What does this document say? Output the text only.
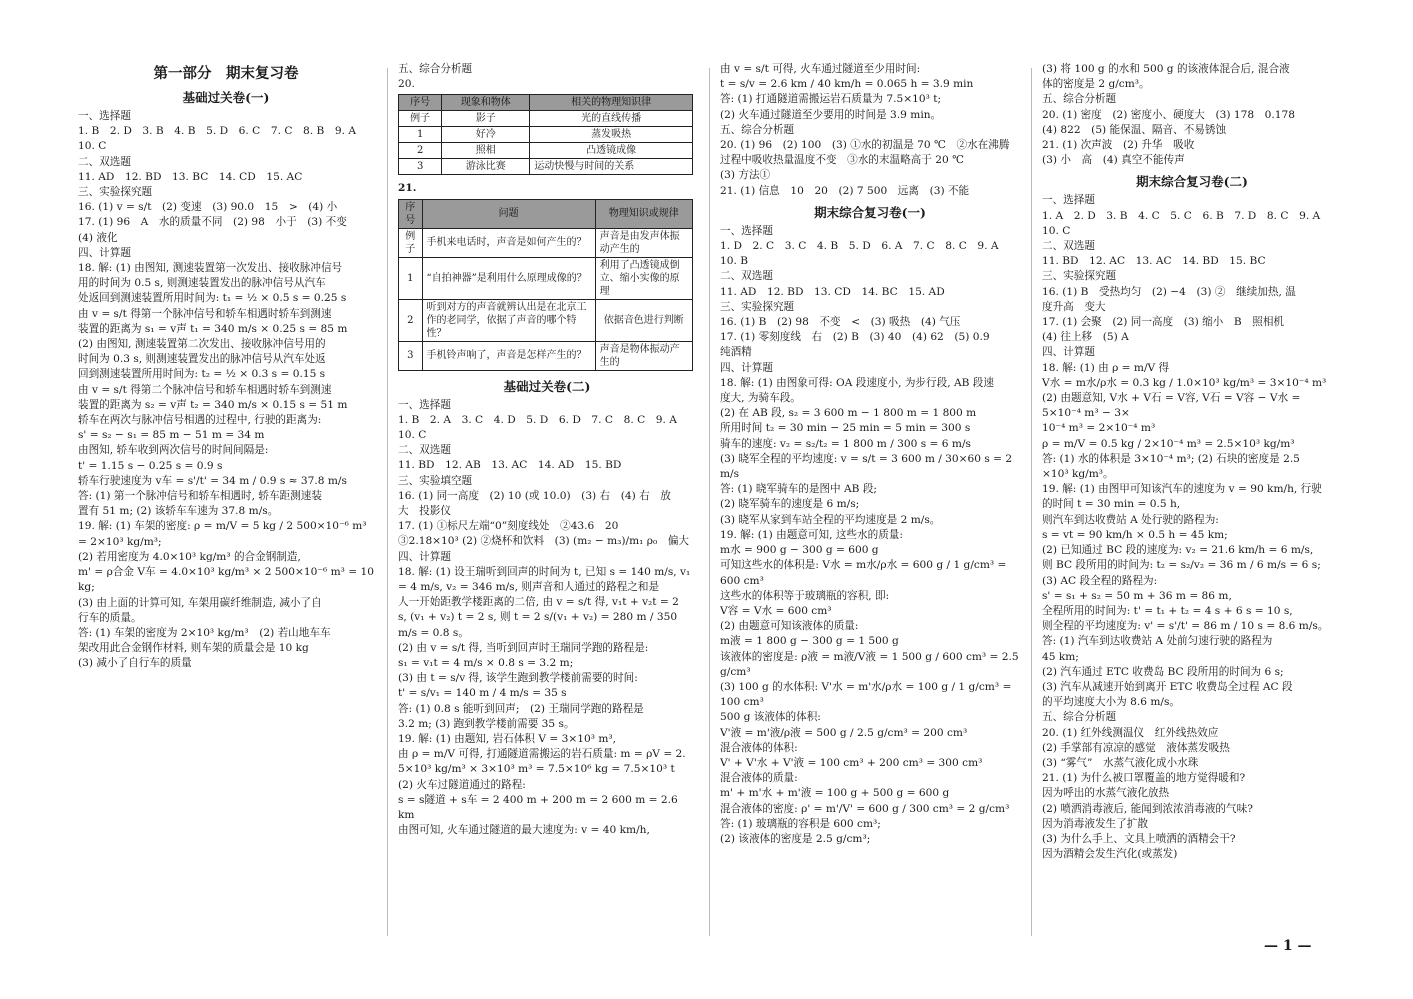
第一部分　期末复习卷
基础过关卷(一)
一、选择题
1. B　2. D　3. B　4. B　5. D　6. C　7. C　8. B　9. A　10. C
二、双选题
11. AD　12. BD　13. BC　14. CD　15. AC
三、实验探究题
16. (1) v = s/t　(2) 变速　(3) 90.0　15　>　(4) 小
17. (1) 96　A　水的质量不同　(2) 98　小于　(3) 不变
(4) 液化
四、计算题
18. 解: (1) 由图知, 测速装置第一次发出、接收脉冲信号
用的时间为 0.5 s, 则测速装置发出的脉冲信号从汽车
处返回到测速装置所用时间为: t₁ = ½ × 0.5 s = 0.25 s
由 v = s/t 得第一个脉冲信号和轿车相遇时轿车到测速
装置的距离为 s₁ = v声 t₁ = 340 m/s × 0.25 s = 85 m
(2) 由图知, 测速装置第二次发出、接收脉冲信号用的
时间为 0.3 s, 则测速装置发出的脉冲信号从汽车处返
回到测速装置所用时间为: t₂ = ½ × 0.3 s = 0.15 s
由 v = s/t 得第二个脉冲信号和轿车相遇时轿车到测速
装置的距离为 s₂ = v声 t₂ = 340 m/s × 0.15 s = 51 m
轿车在两次与脉冲信号相遇的过程中, 行驶的距离为:
s' = s₂ − s₁ = 85 m − 51 m = 34 m
由图知, 轿车收到两次信号的时间间隔是:
t' = 1.15 s − 0.25 s = 0.9 s
轿车行驶速度为 v车 = s'/t' = 34 m / 0.9 s ≈ 37.8 m/s
答: (1) 第一个脉冲信号和轿车相遇时, 轿车距测速装
置有 51 m; (2) 该轿车车速为 37.8 m/s。
19. 解: (1) 车架的密度: ρ = m/V = 5 kg / 2 500×10⁻⁶ m³
= 2×10³ kg/m³;
(2) 若用密度为 4.0×10³ kg/m³ 的合金钢制造,
m' = ρ合金 V车 = 4.0×10³ kg/m³ × 2 500×10⁻⁶ m³ = 10 kg;
(3) 由上面的计算可知, 车架用碳纤维制造, 减小了自
行车的质量。
答: (1) 车架的密度为 2×10³ kg/m³　(2) 若山地车车
架改用此合金钢作材料, 则车架的质量会是 10 kg
(3) 减小了自行车的质量
五、综合分析题
20.
序号	现象和物体	相关的物理知识律
例子	影子	光的直线传播
1	好冷	蒸发吸热
2	照相	凸透镜成像
3	游泳比赛	运动快慢与时间的关系
21.
序号	问题	物理知识或规律
例子	手机来电话时，声音是如何产生的？	声音是由发声体振动产生的
1	“自拍神器”是利用什么原理成像的？	利用了凸透镜成倒立、缩小实像的原理
2	听到对方的声音就辨认出是在北京工作的老同学，依据了声音的哪个特性？	依据音色进行判断
3	手机铃声响了，声音是怎样产生的？	声音是物体振动产生的
基础过关卷(二)
一、选择题
1. B　2. A　3. C　4. D　5. D　6. D　7. C　8. C　9. A　10. C
二、双选题
11. BD　12. AB　13. AC　14. AD　15. BD
三、实验填空题
16. (1) 同一高度　(2) 10 (或 10.0)　(3) 右　(4) 右　放
大　投影仪
17. (1) ①标尺左端“0”刻度线处　②43.6　20
③2.18×10³ (2) ②烧杯和饮料　(3) (m₂ − m₃)/m₁ ρ₀　偏大
四、计算题
18. 解: (1) 设王瑞听到回声的时间为 t, 已知 s = 140 m/s, v₁
= 4 m/s, v₂ = 346 m/s, 则声音和人通过的路程之和是
人一开始距教学楼距离的二倍, 由 v = s/t 得, v₁t + v₂t = 2
s, (v₁ + v₂) t = 2 s, 则 t = 2 s/(v₁ + v₂) = 280 m / 350 m/s = 0.8 s。
(2) 由 v = s/t 得, 当听到回声时王瑞同学跑的路程是:
s₁ = v₁t = 4 m/s × 0.8 s = 3.2 m;
(3) 由 t = s/v 得, 该学生跑到教学楼前需要的时间:
t' = s/v₁ = 140 m / 4 m/s = 35 s
答: (1) 0.8 s 能听到回声;　(2) 王瑞同学跑的路程是
3.2 m; (3) 跑到教学楼前需要 35 s。
19. 解: (1) 由题知, 岩石体积 V = 3×10³ m³,
由 ρ = m/V 可得, 打通隧道需搬运的岩石质量: m = ρV = 2.
5×10³ kg/m³ × 3×10³ m³ = 7.5×10⁶ kg = 7.5×10³ t
(2) 火车过隧道通过的路程:
s = s隧道 + s车 = 2 400 m + 200 m = 2 600 m = 2.6 km
由图可知, 火车通过隧道的最大速度为: v = 40 km/h,
由 v = s/t 可得, 火车通过隧道至少用时间:
t = s/v = 2.6 km / 40 km/h = 0.065 h = 3.9 min
答: (1) 打通隧道需搬运岩石质量为 7.5×10³ t;
(2) 火车通过隧道至少要用的时间是 3.9 min。
五、综合分析题
20. (1) 96　(2) 100　(3) ①水的初温是 70 ℃　②水在沸腾
过程中吸收热量温度不变　③水的末温略高于 20 ℃
(3) 方法①
21. (1) 信息　10　20　(2) 7 500　远离　(3) 不能
期末综合复习卷(一)
一、选择题
1. D　2. C　3. C　4. B　5. D　6. A　7. C　8. C　9. A　10. B
二、双选题
11. AD　12. BD　13. CD　14. BC　15. AD
三、实验探究题
16. (1) B　(2) 98　不变　<　(3) 吸热　(4) 气压
17. (1) 零刻度线　右　(2) B　(3) 40　(4) 62　(5) 0.9
纯酒精
四、计算题
18. 解: (1) 由图象可得: OA 段速度小, 为步行段, AB 段速
度大, 为骑车段。
(2) 在 AB 段, s₂ = 3 600 m − 1 800 m = 1 800 m
所用时间 t₂ = 30 min − 25 min = 5 min = 300 s
骑车的速度: v₂ = s₂/t₂ = 1 800 m / 300 s = 6 m/s
(3) 晓军全程的平均速度: v = s/t = 3 600 m / 30×60 s = 2 m/s
答: (1) 晓军骑车的是图中 AB 段;
(2) 晓军骑车的速度是 6 m/s;
(3) 晓军从家到车站全程的平均速度是 2 m/s。
19. 解: (1) 由题意可知, 这些水的质量:
m水 = 900 g − 300 g = 600 g
可知这些水的体积是: V水 = m水/ρ水 = 600 g / 1 g/cm³ = 600 cm³
这些水的体积等于玻璃瓶的容积, 即:
V容 = V水 = 600 cm³
(2) 由题意可知该液体的质量:
m液 = 1 800 g − 300 g = 1 500 g
该液体的密度是: ρ液 = m液/V液 = 1 500 g / 600 cm³ = 2.5 g/cm³
(3) 100 g 的水体积: V'水 = m'水/ρ水 = 100 g / 1 g/cm³ = 100 cm³
500 g 该液体的体积:
V'液 = m'液/ρ液 = 500 g / 2.5 g/cm³ = 200 cm³
混合液体的体积:
V' + V'水 + V'液 = 100 cm³ + 200 cm³ = 300 cm³
混合液体的质量:
m' + m'水 + m'液 = 100 g + 500 g = 600 g
混合液体的密度: ρ' = m'/V' = 600 g / 300 cm³ = 2 g/cm³
答: (1) 玻璃瓶的容积是 600 cm³;
(2) 该液体的密度是 2.5 g/cm³;
(3) 将 100 g 的水和 500 g 的该液体混合后, 混合液
体的密度是 2 g/cm³。
五、综合分析题
20. (1) 密度　(2) 密度小、硬度大　(3) 178　0.178
(4) 822　(5) 能保温、隔音、不易锈蚀
21. (1) 次声波　(2) 升华　吸收
(3) 小　高　(4) 真空不能传声
期末综合复习卷(二)
一、选择题
1. A　2. D　3. B　4. C　5. C　6. B　7. D　8. C　9. A　10. C
二、双选题
11. BD　12. AC　13. AC　14. BD　15. BC
三、实验探究题
16. (1) B　受热均匀　(2) −4　(3) ②　继续加热, 温
度升高　变大
17. (1) 会聚　(2) 同一高度　(3) 缩小　B　照相机
(4) 往上移　(5) A
四、计算题
18. 解: (1) 由 ρ = m/V 得
V水 = m水/ρ水 = 0.3 kg / 1.0×10³ kg/m³ = 3×10⁻⁴ m³
(2) 由题意知, V水 + V石 = V容, V石 = V容 − V水 = 5×10⁻⁴ m³ − 3×
10⁻⁴ m³ = 2×10⁻⁴ m³
ρ = m/V = 0.5 kg / 2×10⁻⁴ m³ = 2.5×10³ kg/m³
答: (1) 水的体积是 3×10⁻⁴ m³; (2) 石块的密度是 2.5
×10³ kg/m³。
19. 解: (1) 由图甲可知该汽车的速度为 v = 90 km/h, 行驶
的时间 t = 30 min = 0.5 h,
则汽车到达收费站 A 处行驶的路程为:
s = vt = 90 km/h × 0.5 h = 45 km;
(2) 已知通过 BC 段的速度为: v₂ = 21.6 km/h = 6 m/s,
则 BC 段所用的时间为: t₂ = s₂/v₂ = 36 m / 6 m/s = 6 s;
(3) AC 段全程的路程为:
s' = s₁ + s₂ = 50 m + 36 m = 86 m,
全程所用的时间为: t' = t₁ + t₂ = 4 s + 6 s = 10 s,
则全程的平均速度为: v' = s'/t' = 86 m / 10 s = 8.6 m/s。
答: (1) 汽车到达收费站 A 处前匀速行驶的路程为
45 km;
(2) 汽车通过 ETC 收费岛 BC 段所用的时间为 6 s;
(3) 汽车从减速开始到离开 ETC 收费岛全过程 AC 段
的平均速度大小为 8.6 m/s。
五、综合分析题
20. (1) 红外线测温仪　红外线热效应
(2) 手掌部有凉凉的感觉　液体蒸发吸热
(3) “雾气”　水蒸气液化成小水珠
21. (1) 为什么被口罩覆盖的地方觉得暖和?
因为呼出的水蒸气液化放热
(2) 喷洒消毒液后, 能闻到浓浓消毒液的气味?
因为消毒液发生了扩散
(3) 为什么手上、文具上喷洒的酒精会干?
因为酒精会发生汽化(或蒸发)
— 1 —
